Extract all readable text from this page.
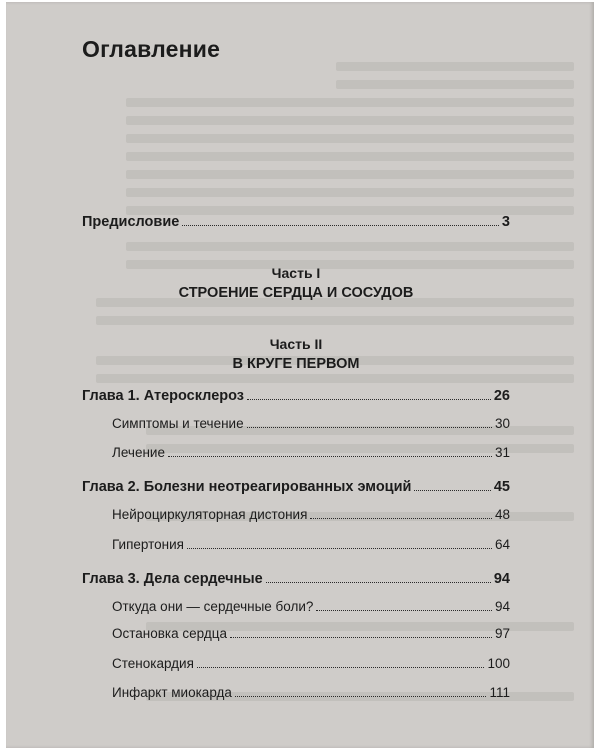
Оглавление
Предисловие	3
Часть I
СТРОЕНИЕ СЕРДЦА И СОСУДОВ
Часть II
В КРУГЕ ПЕРВОМ
Глава 1. Атеросклероз	26
Симптомы и течение	30
Лечение	31
Глава 2. Болезни неотреагированных эмоций	45
Нейроциркуляторная дистония	48
Гипертония	64
Глава 3. Дела сердечные	94
Откуда они — сердечные боли?	94
Остановка сердца	97
Стенокардия	100
Инфаркт миокарда	111
